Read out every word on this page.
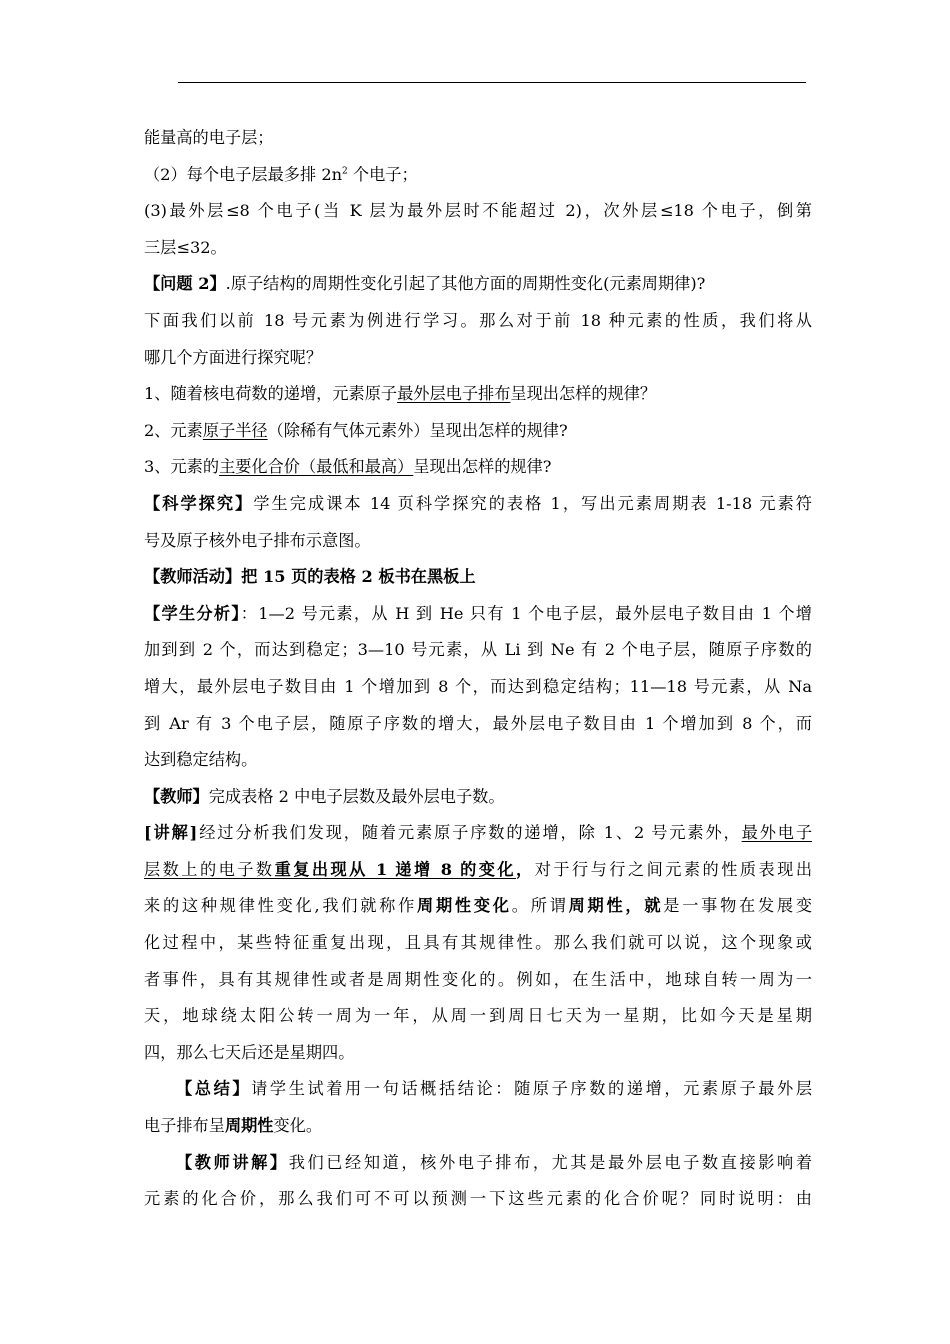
能量高的电子层；
（2）每个电子层最多排 $2n^2$ 个电子；
(3)最外层≤8 个电子(当 K 层为最外层时不能超过 2)，次外层≤18 个电子，倒第
三层≤32。
【问题 2】.原子结构的周期性变化引起了其他方面的周期性变化(元素周期律)?
下面我们以前 18 号元素为例进行学习。那么对于前 18 种元素的性质，我们将从
哪几个方面进行探究呢？
1、随着核电荷数的递增，元素原子最外层电子排布呈现出怎样的规律？
2、元素原子半径（除稀有气体元素外）呈现出怎样的规律?
3、元素的主要化合价（最低和最高）呈现出怎样的规律?
【科学探究】学生完成课本 14 页科学探究的表格 1，写出元素周期表 1-18 元素符
号及原子核外电子排布示意图。
【教师活动】把 15 页的表格 2 板书在黑板上
【学生分析】：1—2 号元素，从 H 到 He 只有 1 个电子层，最外层电子数目由 1 个增
加到到 2 个，而达到稳定；3—10 号元素，从 Li 到 Ne 有 2 个电子层，随原子序数的
增大，最外层电子数目由 1 个增加到 8 个，而达到稳定结构；11—18 号元素，从 Na
到 Ar 有 3 个电子层，随原子序数的增大，最外层电子数目由 1 个增加到 8 个，而
达到稳定结构。
【教师】完成表格 2 中电子层数及最外层电子数。
[讲解]经过分析我们发现，随着元素原子序数的递增，除 1、2 号元素外，最外电子
层数上的电子数重复出现从 1 递增 8 的变化，对于行与行之间元素的性质表现出
来的这种规律性变化,我们就称作周期性变化。所谓周期性，就是一事物在发展变
化过程中，某些特征重复出现，且具有其规律性。那么我们就可以说，这个现象或
者事件，具有其规律性或者是周期性变化的。例如，在生活中，地球自转一周为一
天，地球绕太阳公转一周为一年，从周一到周日七天为一星期，比如今天是星期
四，那么七天后还是星期四。
【总结】请学生试着用一句话概括结论：随原子序数的递增，元素原子最外层
电子排布呈周期性变化。
【教师讲解】我们已经知道，核外电子排布，尤其是最外层电子数直接影响着
元素的化合价，那么我们可不可以预测一下这些元素的化合价呢？同时说明：由
